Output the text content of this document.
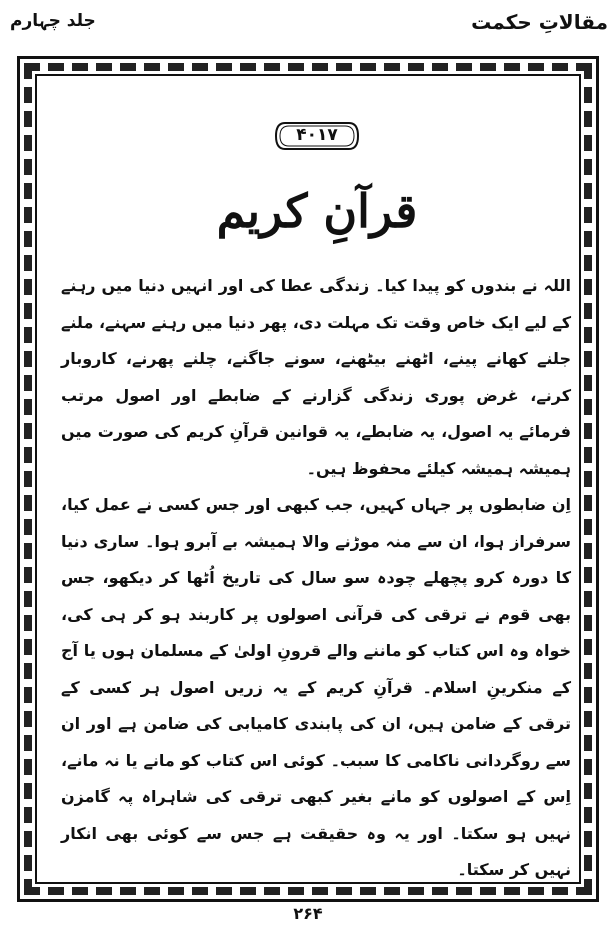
مقالاتِ حکمت
جلد چہارم
۴۰۱۷
قرآنِ کریم

اللہ نے بندوں کو پیدا کیا۔ زندگی عطا کی اور انہیں دنیا میں رہنے کے لیے ایک خاص وقت تک مہلت دی، پھر دنیا میں رہنے سہنے، ملنے جلنے کھانے پینے، اٹھنے بیٹھنے، سونے جاگنے، چلنے پھرنے، کاروبار کرنے، غرض پوری زندگی گزارنے کے ضابطے اور اصول مرتب فرمائے یہ اصول، یہ ضابطے، یہ قوانین قرآنِ کریم کی صورت میں ہمیشہ ہمیشہ کیلئے محفوظ ہیں۔

اِن ضابطوں پر جہاں کہیں، جب کبھی اور جس کسی نے عمل کیا، سرفراز ہوا، ان سے منہ موڑنے والا ہمیشہ بے آبرو ہوا۔ ساری دنیا کا دورہ کرو پچھلے چودہ سو سال کی تاریخ اُٹھا کر دیکھو، جس بھی قوم نے ترقی کی قرآنی اصولوں پر کاربند ہو کر ہی کی، خواہ وہ اس کتاب کو ماننے والے قرونِ اولیٰ کے مسلمان ہوں یا آج کے منکرینِ اسلام۔ قرآنِ کریم کے یہ زریں اصول ہر کسی کے ترقی کے ضامن ہیں، ان کی پابندی کامیابی کی ضامن ہے اور ان سے روگردانی ناکامی کا سبب۔ کوئی اس کتاب کو مانے یا نہ مانے، اِس کے اصولوں کو مانے بغیر کبھی ترقی کی شاہراہ پہ گامزن نہیں ہو سکتا۔ اور یہ وہ حقیقت ہے جس سے کوئی بھی انکار نہیں کر سکتا۔

۲۶۴
